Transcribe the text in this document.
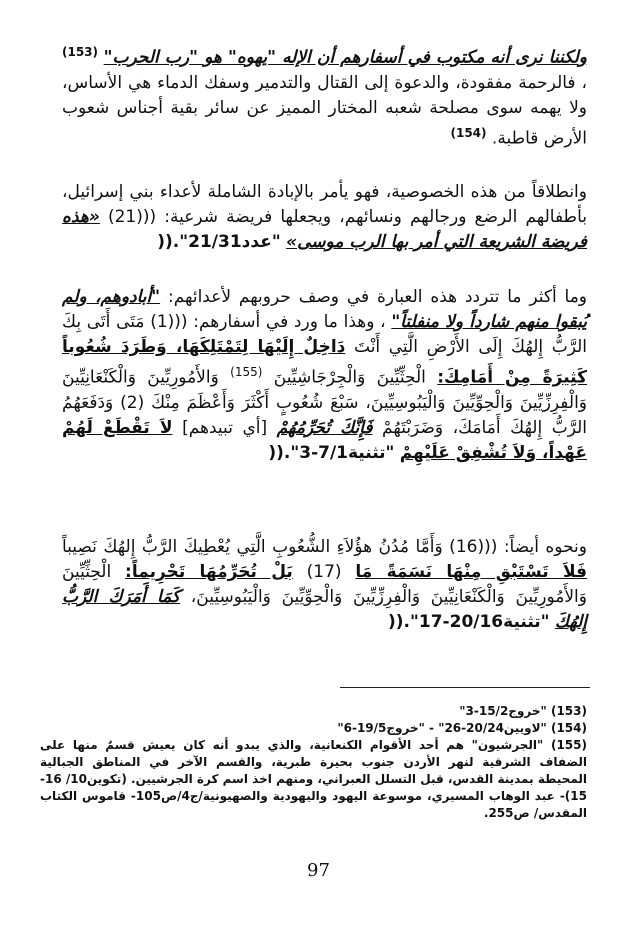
ولكننا نرى أنه مكتوب في أسفارهم أن الإله "يهوه" هو "رب الحرب" $^{(153)}$ ، فالرحمة مفقودة، والدعوة إلى القتال والتدمير وسفك الدماء هي الأساس، ولا يهمه سوى مصلحة شعبه المختار المميز عن سائر بقية أجناس شعوب الأرض قاطبة. $^{(154)}$
وانطلاقاً من هذه الخصوصية، فهو يأمر بالإبادة الشاملة لأعداء بني إسرائيل، بأطفالهم الرضع ورجالهم ونسائهم، ويجعلها فريضة شرعية: (((21) «هذه فريضة الشريعة التي أمر بها الرب موسى» ))."عدد21/31"
وما أكثر ما تتردد هذه العبارة في وصف حروبهم لأعدائهم: "أبادوهم، ولم يُبقوا منهم شارداً ولا منفلتاً" ، وهذا ما ورد في أسفارهم: (((1) مَتَى أَتَى بِكَ الرَّبُّ إِلهُكَ إِلَى الأَرْضِ الَّتِي أَنْتَ دَاخِلٌ إِلَيْهَا لِتَمْتَلِكَهَا، وَطَرَدَ شُعُوباً كَثِيرَةً مِنْ أَمَامِكَ: الْحِثِّيِّينَ وَالْجِرْجَاشِيِّينَ $^{(155)}$ وَالأَمُورِيِّينَ وَالْكَنْعَانِيِّينَ وَالْفِرِزِّيِّينَ وَالْحِوِّيِّينَ وَالْيَبُوسِيِّينَ، سَبْعَ شُعُوبٍ أَكْثَرَ وَأَعْظَمَ مِنْكَ (2) وَدَفَعَهُمُ الرَّبُّ إِلهُكَ أَمَامَكَ، وَضَرَبْتَهُمْ فَإِنَّكَ تُحَرِّمُهُمْ [أي تبيدهم] لاَ تَقْطَعْ لَهُمْ عَهْداً، وَلاَ تُشْفِقْ عَلَيْهِمْ ))."تثنية7/1-3"
ونحوه أيضاً: (((16) وَأَمَّا مُدُنُ هؤُلاَءِ الشُّعُوبِ الَّتِي يُعْطِيكَ الرَّبُّ إِلهُكَ نَصِيباً فَلاَ تَسْتَبْقِ مِنْهَا نَسَمَةً مَا (17) بَلْ تُحَرِّمُهَا تَحْرِيماً: الْحِثِّيِّينَ وَالأَمُورِيِّينَ وَالْكَنْعَانِيِّينَ وَالْفِرِزِّيِّينَ وَالْحِوِّيِّينَ وَالْيَبُوسِيِّينَ، كَمَا أَمَرَكَ الرَّبُّ إِلهُكَ ))."تثنية20/16-17"

(153) "خروج15/2-3"

(154) "لاويين20/24-26" - "خروج19/5-6"

(155) "الجرشيون" هم أحد الأقوام الكنعانية، والذي يبدو أنه كان يعيش قسمٌ منها على الضفاف الشرقية لنهر الأردن جنوب بحيرة طبرية، والقسم الآخر في المناطق الجبالية المحيطة بمدينة القدس، قبل التسلل العبراني، ومنهم اخذ اسم كرة الجرشيين. (تكوين10/ 16-15)- عبد الوهاب المسيري، موسوعة اليهود واليهودية والصهيونية/ج4/ص105- قاموس الكتاب المقدس/ ص255.

97
